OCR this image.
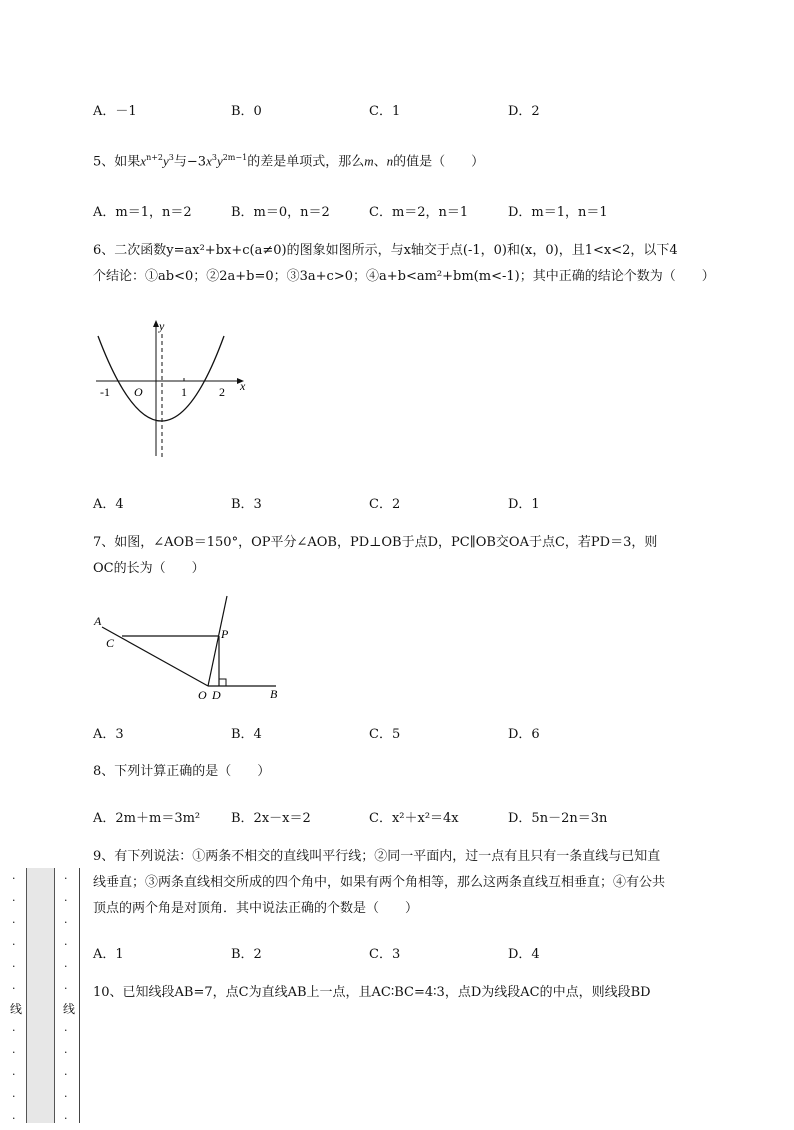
A．－1	B．0	C．1	D．2
5、如果$x^{n+2}y^3$与$-3x^3y^{2m-1}$的差是单项式，那么m、n的值是（　　）
A．m＝1，n＝2	B．m＝0，n＝2	C．m＝2，n＝1	D．m＝1，n＝1
6、二次函数y=ax²+bx+c(a≠0)的图象如图所示，与x轴交于点(-1，0)和(x，0)，且1<x<2，以下4
个结论：①ab<0；②2a+b=0；③3a+c>0；④a+b<am²+bm(m<-1)；其中正确的结论个数为（　　）
y
x
O
-1	1	2
A．4	B．3	C．2	D．1
7、如图，∠AOB＝150°，OP平分∠AOB，PD⊥OB于点D，PC∥OB交OA于点C，若PD＝3，则
OC的长为（　　）
A
C
P
O D	B
A．3	B．4	C．5	D．6
8、下列计算正确的是（　　）
A．2m＋m＝3m² B．2x－x＝2	C．x²＋x²＝4x	D．5n－2n＝3n
9、有下列说法：①两条不相交的直线叫平行线；②同一平面内，过一点有且只有一条直线与已知直
线垂直；③两条直线相交所成的四个角中，如果有两个角相等，那么这两条直线互相垂直；④有公共
顶点的两个角是对顶角．其中说法正确的个数是（　　）
A．1	B．2	C．3	D．4
10、已知线段AB=7，点C为直线AB上一点，且AC∶BC=4∶3，点D为线段AC的中点，则线段BD
·
·
·
·
·
·
线
·
·
·
·
·
·
·
·
·
·
·
线
·
·
·
·
·
